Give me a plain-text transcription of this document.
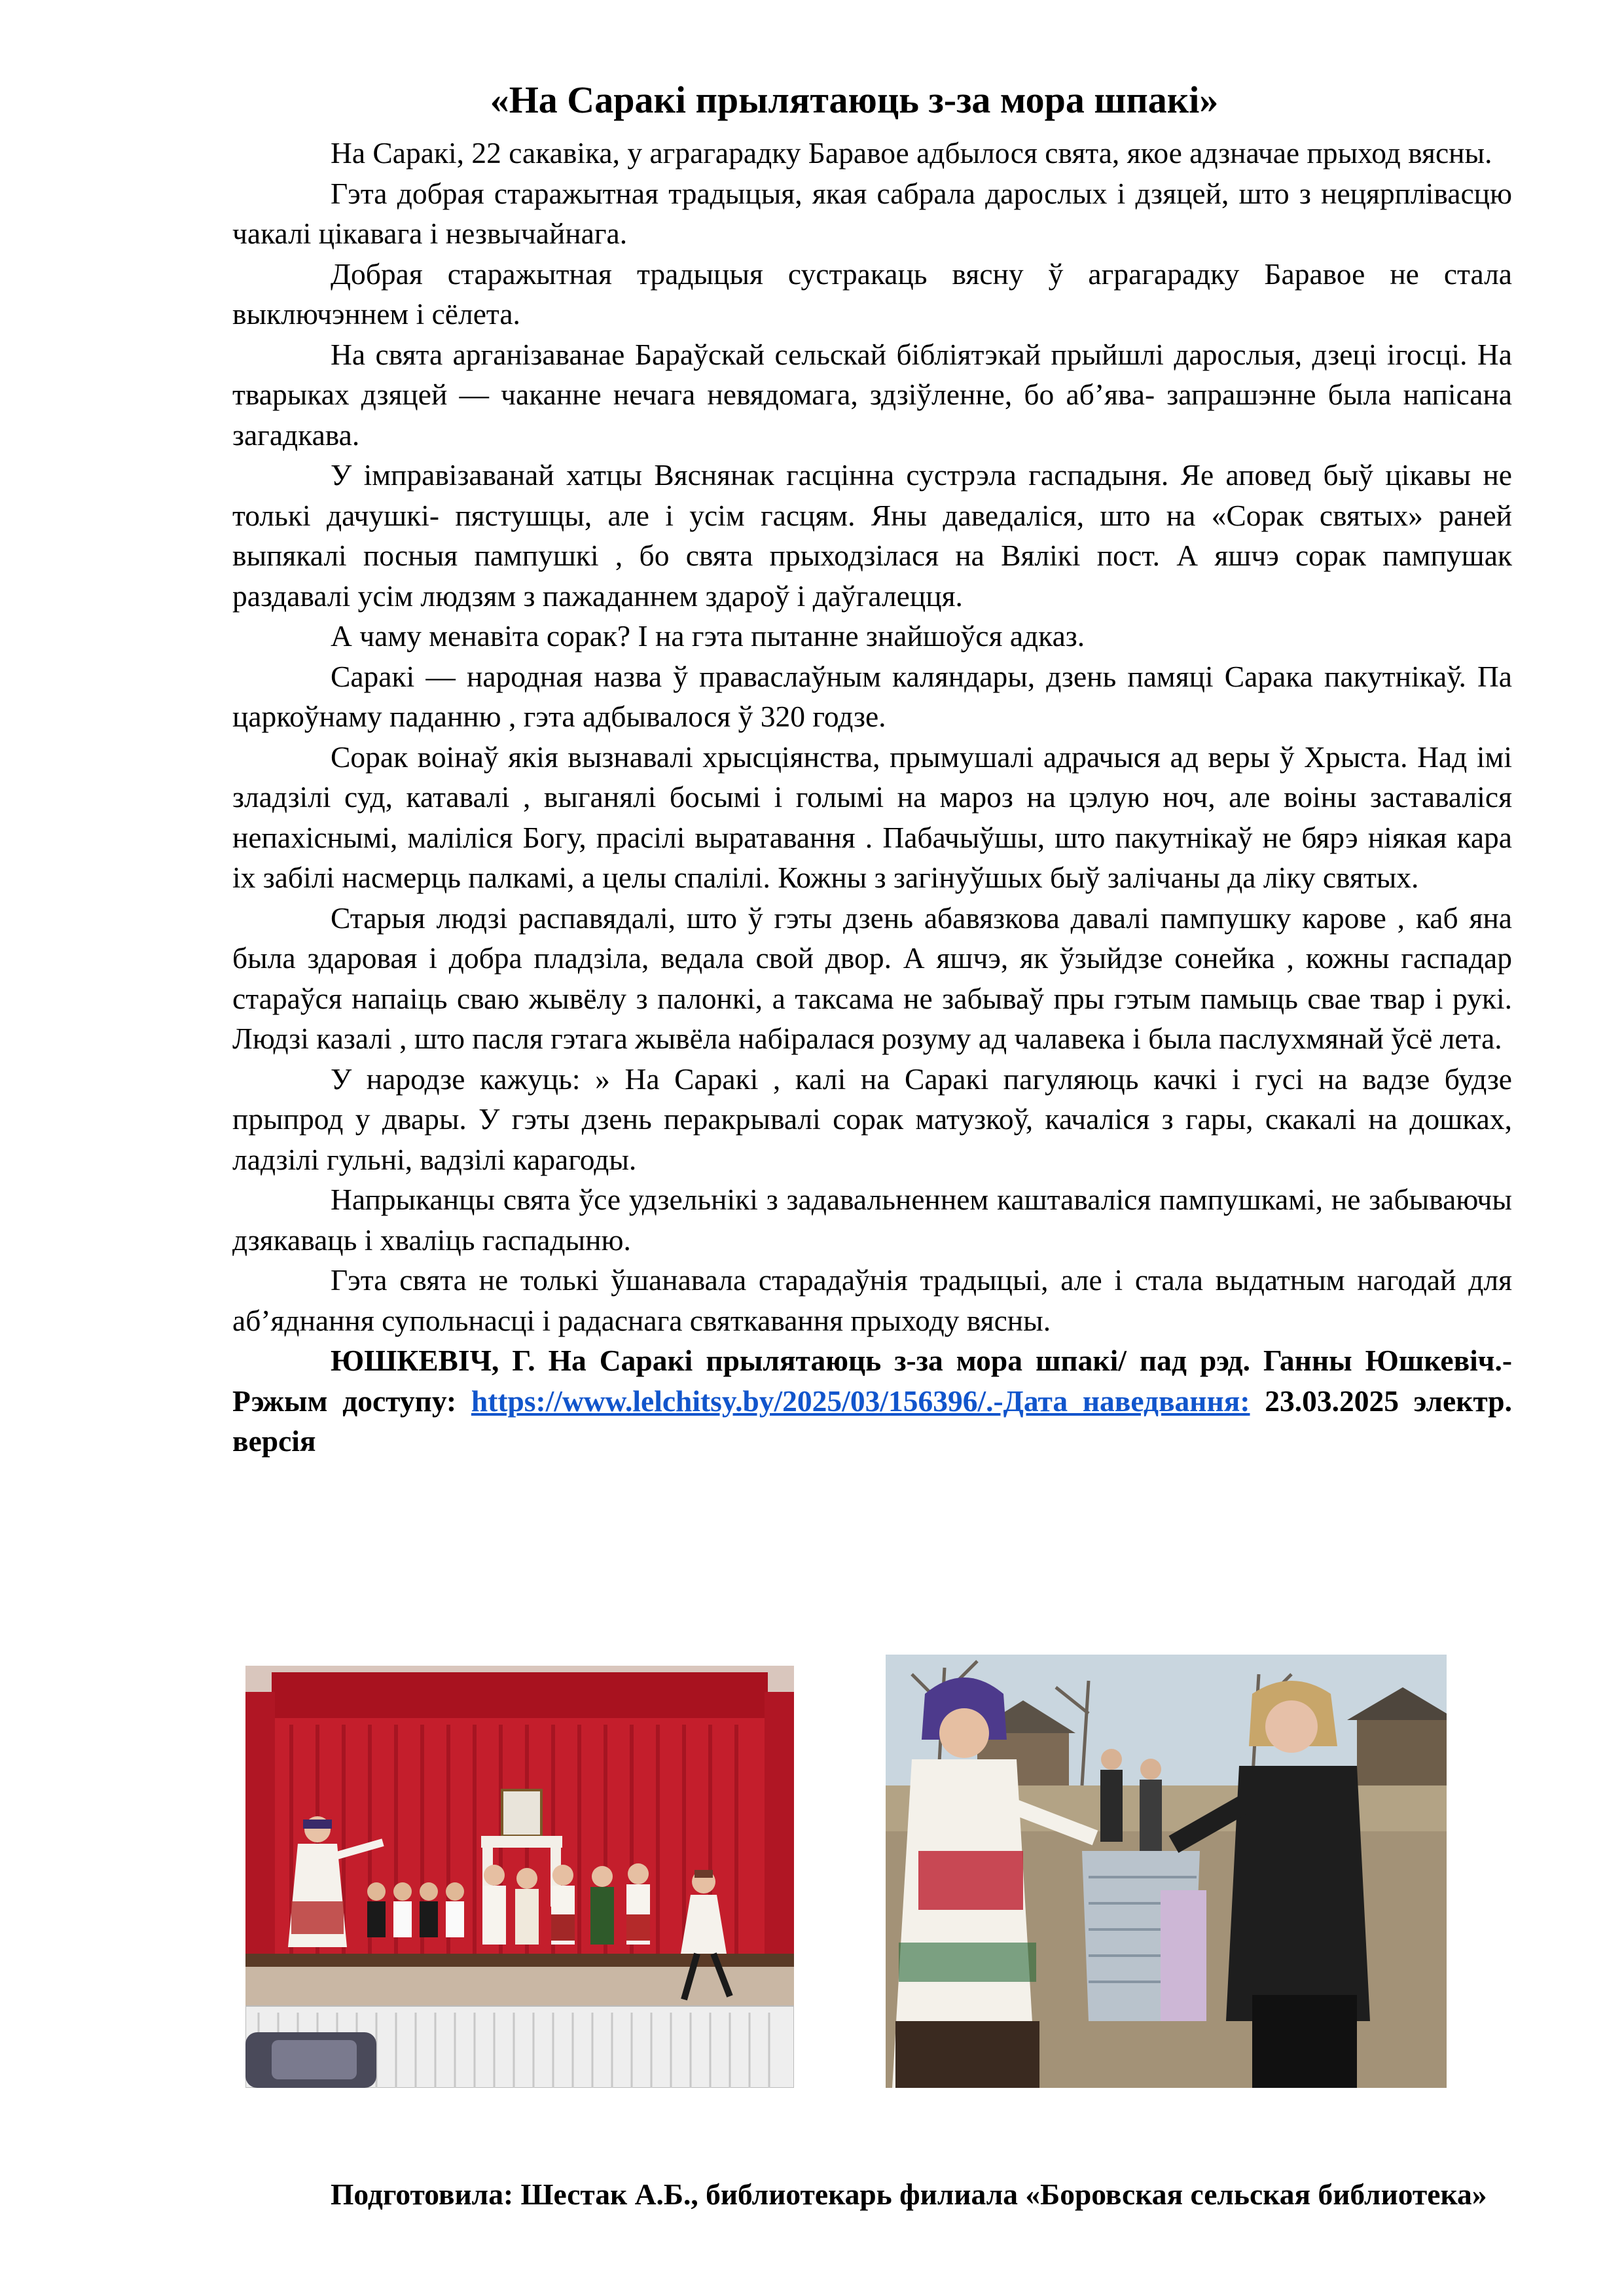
«На Саракі прылятаюць з-за мора шпакі»

На Саракі, 22 сакавіка, у аграгарадку Баравое адбылося свята, якое адзначае прыход вясны.

Гэта добрая старажытная традыцыя, якая сабрала дарослых і дзяцей, што з нецярплівасцю чакалі цікавага і незвычайнага.

Добрая старажытная традыцыя сустракаць вясну ў аграгарадку Баравое не стала выключэннем і сёлета.

На свята арганізаванае Бараўскай сельскай бібліятэкай прыйшлі дарослыя, дзеці ігосці. На тварыках дзяцей — чаканне нечага невядомага, здзіўленне, бо аб’ява- запрашэнне была напісана загадкава.

У імправізаванай хатцы Вяснянак гасцінна сустрэла гаспадыня. Яе аповед быў цікавы не толькі дачушкі- пястушцы, але і усім гасцям. Яны даведаліся, што на «Сорак святых» раней выпякалі посныя пампушкі , бо свята прыходзілася на Вялікі пост. А яшчэ сорак пампушак раздавалі усім людзям з пажаданнем здароў і даўгалецця.

А чаму менавіта сорак? І на гэта пытанне знайшоўся адказ.

Саракі — народная назва ў праваслаўным каляндары, дзень памяці Сарака пакутнікаў. Па царкоўнаму паданню , гэта адбывалося ў 320 годзе.

Сорак воінаў якія вызнавалі хрысціянства, прымушалі адрачыся ад веры ў Хрыста. Над імі зладзілі суд, катавалі , выганялі босымі і голымі на мароз на цэлую ноч, але воіны заставаліся непахіснымі, маліліся Богу, прасілі выратавання . Пабачыўшы, што пакутнікаў не бярэ ніякая кара іх забілі насмерць палкамі, а целы спалілі. Кожны з загінуўшых быў залічаны да ліку святых.

Старыя людзі распавядалі, што ў гэты дзень абавязкова давалі пампушку карове , каб яна была здаровая і добра пладзіла, ведала свой двор. А яшчэ, як ўзыйдзе сонейка , кожны гаспадар стараўся напаіць сваю жывёлу з палонкі, а таксама не забываў пры гэтым памыць свае твар і рукі. Людзі казалі , што пасля гэтага жывёла набіралася розуму ад чалавека і была паслухмянай ўсё лета.

У народзе кажуць: » На Саракі , калі на Саракі пагуляюць качкі і гусі на вадзе будзе прыпрод у двары. У гэты дзень перакрывалі сорак матузкоў, качаліся з гары, скакалі на дошках, ладзілі гульні, вадзілі карагоды.

Напрыканцы свята ўсе удзельнікі з задавальненнем каштаваліся пампушкамі, не забываючы дзякаваць і хваліць гаспадыню.

Гэта свята не толькі ўшанавала старадаўнія традыцыі, але і стала выдатным нагодай для аб’яднання супольнасці і радаснага святкавання прыходу вясны.

ЮШКЕВІЧ, Г. На Саракі прылятаюць з-за мора шпакі/ пад рэд. Ганны Юшкевіч.-Рэжым доступу: https://www.lelchitsy.by/2025/03/156396/.-Дата наведвання: 23.03.2025 электр. версія

Подготовила: Шестак А.Б., библиотекарь филиала «Боровская сельская библиотека»
